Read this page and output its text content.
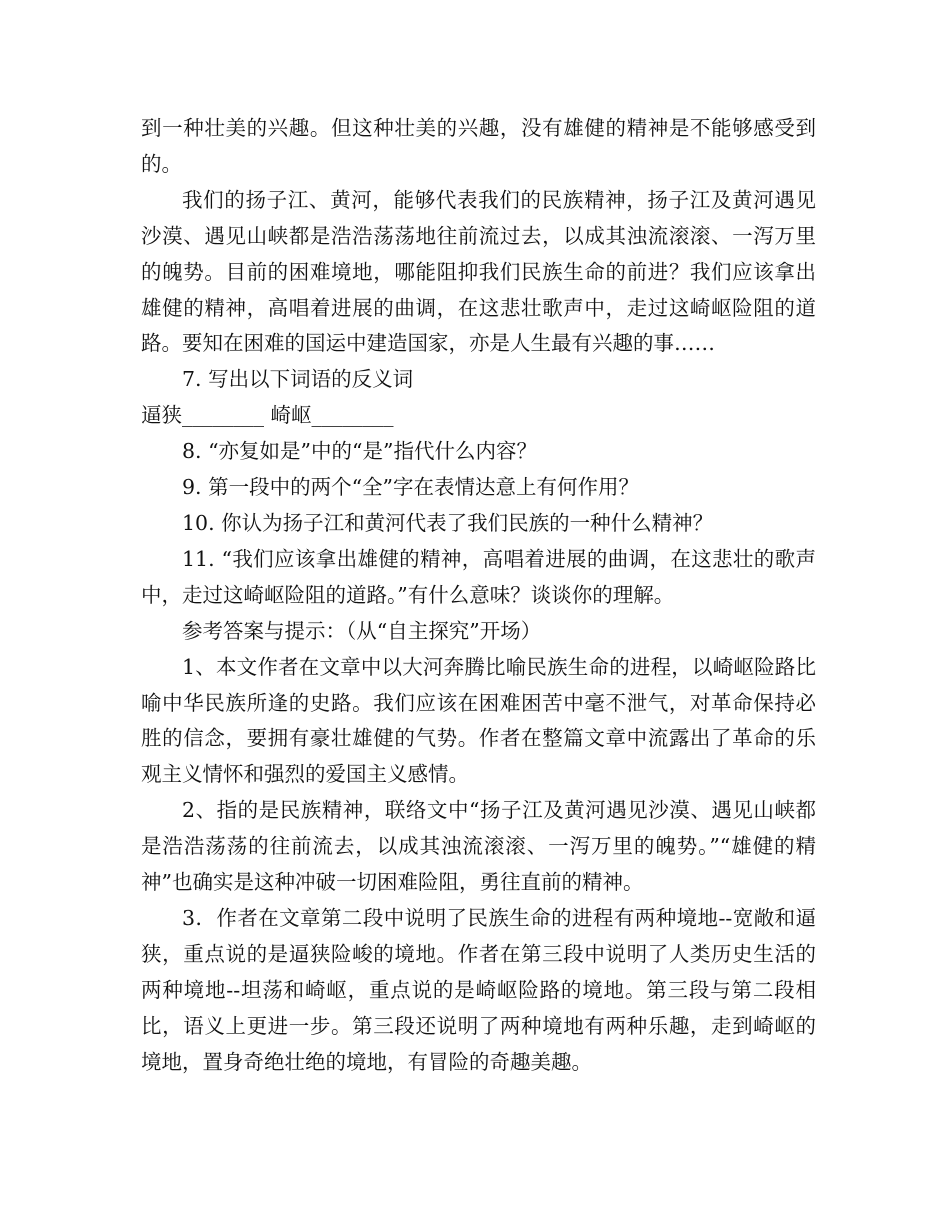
到一种壮美的兴趣。但这种壮美的兴趣，没有雄健的精神是不能够感受到的。

我们的扬子江、黄河，能够代表我们的民族精神，扬子江及黄河遇见沙漠、遇见山峡都是浩浩荡荡地往前流过去，以成其浊流滚滚、一泻万里的魄势。目前的困难境地，哪能阻抑我们民族生命的前进？我们应该拿出雄健的精神，高唱着进展的曲调，在这悲壮歌声中，走过这崎岖险阻的道路。要知在困难的国运中建造国家，亦是人生最有兴趣的事……

7. 写出以下词语的反义词

逼狭________ 崎岖________

8. “亦复如是”中的“是”指代什么内容？

9. 第一段中的两个“全”字在表情达意上有何作用？

10. 你认为扬子江和黄河代表了我们民族的一种什么精神？

11. “我们应该拿出雄健的精神，高唱着进展的曲调，在这悲壮的歌声中，走过这崎岖险阻的道路。”有什么意味？谈谈你的理解。

参考答案与提示：（从“自主探究”开场）

1、本文作者在文章中以大河奔腾比喻民族生命的进程，以崎岖险路比喻中华民族所逢的史路。我们应该在困难困苦中毫不泄气，对革命保持必胜的信念，要拥有豪壮雄健的气势。作者在整篇文章中流露出了革命的乐观主义情怀和强烈的爱国主义感情。

2、指的是民族精神，联络文中“扬子江及黄河遇见沙漠、遇见山峡都是浩浩荡荡的往前流去，以成其浊流滚滚、一泻万里的魄势。”“雄健的精神”也确实是这种冲破一切困难险阻，勇往直前的精神。

3．作者在文章第二段中说明了民族生命的进程有两种境地--宽敞和逼狭，重点说的是逼狭险峻的境地。作者在第三段中说明了人类历史生活的两种境地--坦荡和崎岖，重点说的是崎岖险路的境地。第三段与第二段相比，语义上更进一步。第三段还说明了两种境地有两种乐趣，走到崎岖的境地，置身奇绝壮绝的境地，有冒险的奇趣美趣。
